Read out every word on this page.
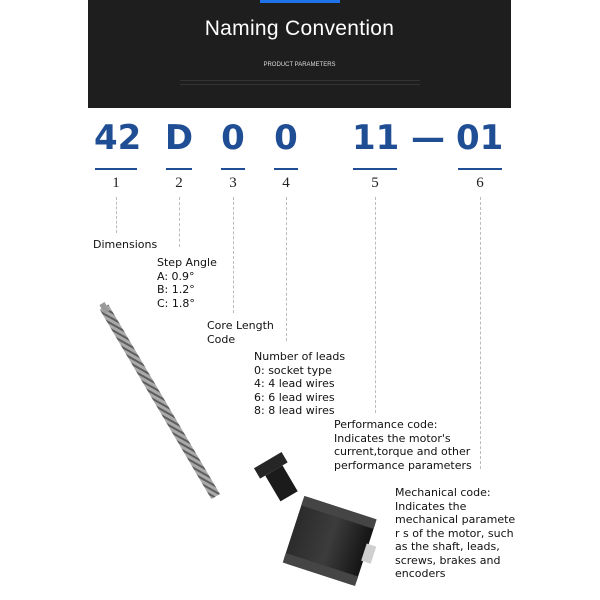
Naming Convention
PRODUCT PARAMETERS
42 D 0 0 11 — 01
1	2	3	4	5	6
Dimensions
Step Angle
A: 0.9°
B: 1.2°
C: 1.8°
Core Length
Code
Number of leads
0: socket type
4: 4 lead wires
6: 6 lead wires
8: 8 lead wires
Performance code:
Indicates the motor's
current,torque and other
performance parameters
Mechanical code:
Indicates the
mechanical paramete
r s of the motor, such
as the shaft, leads,
screws, brakes and
encoders
